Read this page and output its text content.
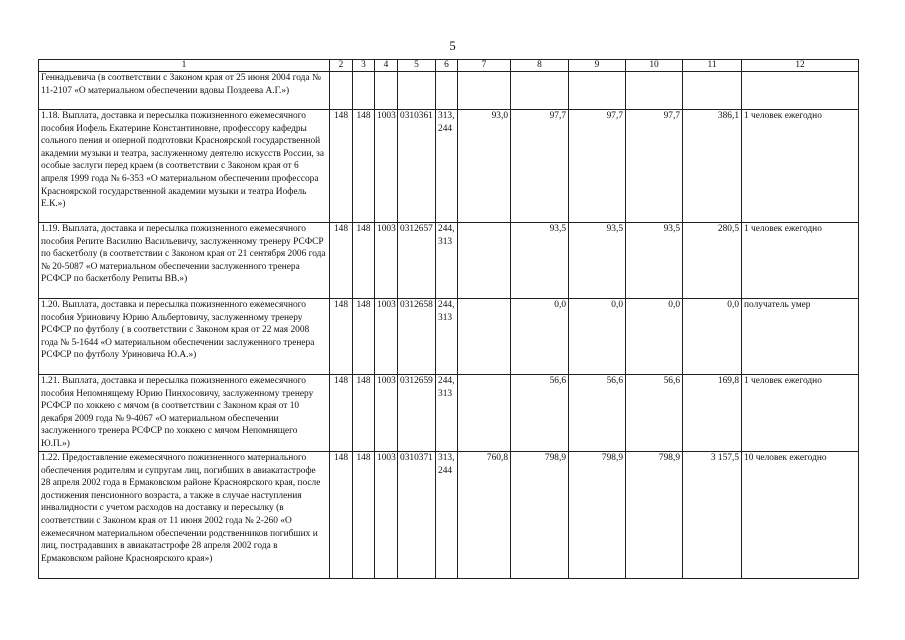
5
1	2	3	4	5	6	7	8	9	10	11	12
Геннадьевича (в соответствии с Законом края от 25 июня 2004 года № 11-2107 «О материальном обеспечении вдовы Поздеева А.Г.»)											
1.18. Выплата, доставка и пересылка пожизненного ежемесячного пособия Иофель Екатерине Константиновне, профессору кафедры сольного пения и оперной подготовки Красноярской государственной академии музыки и театра, заслуженному деятелю искусств России, за особые заслуги перед краем (в соответствии с Законом края от 6 апреля 1999 года № 6-353 «О материальном обеспечении профессора Красноярской государственной академии музыки и театра Иофель Е.К.»)	148	148	1003	0310361	313, 244	93,0	97,7	97,7	97,7	386,1	1 человек ежегодно
1.19. Выплата, доставка и пересылка пожизненного ежемесячного пособия Репите Василию Васильевичу, заслуженному тренеру РСФСР по баскетболу (в соответствии с Законом края от 21 сентября 2006 года № 20-5087 «О материальном обеспечении заслуженного тренера РСФСР по баскетболу Репиты ВВ.»)	148	148	1003	0312657	244, 313		93,5	93,5	93,5	280,5	1 человек ежегодно
1.20. Выплата, доставка и пересылка пожизненного ежемесячного пособия Уриновичу Юрию Альбертовичу, заслуженному тренеру РСФСР по футболу ( в соответствии с Законом края от 22 мая 2008 года № 5-1644 «О материальном обеспечении заслуженного тренера РСФСР по футболу Уриновича Ю.А.»)	148	148	1003	0312658	244, 313		0,0	0,0	0,0	0,0	получатель умер
1.21. Выплата, доставка и пересылка пожизненного ежемесячного пособия Непомнящему Юрию Пинхосовичу, заслуженному тренеру РСФСР по хоккею с мячом (в соответствии с Законом края от 10 декабря 2009 года № 9-4067 «О материальном обеспечении заслуженного тренера РСФСР по хоккею с мячом Непомнящего Ю.П.»)	148	148	1003	0312659	244, 313		56,6	56,6	56,6	169,8	1 человек ежегодно
1.22. Предоставление ежемесячного пожизненного материального обеспечения родителям и супругам лиц, погибших в авиакатастрофе 28 апреля 2002 года в Ермаковском районе Красноярского края, после достижения пенсионного возраста, а также в случае наступления инвалидности с учетом расходов на доставку и пересылку (в соответствии с Законом края от 11 июня 2002 года № 2-260 «О ежемесячном материальном обеспечении родственников погибших и лиц, пострадавших в авиакатастрофе 28 апреля 2002 года в Ермаковском районе Красноярского края»)	148	148	1003	0310371	313, 244	760,8	798,9	798,9	798,9	3 157,5	10 человек ежегодно
